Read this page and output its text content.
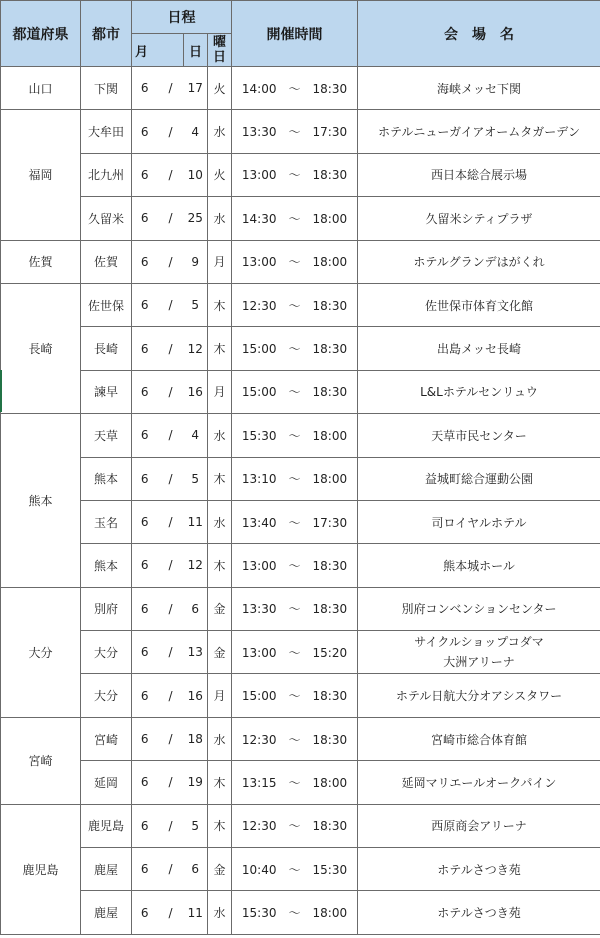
都道府県	都市	日程				開催時間	会　場　名
		月		日	曜日		
山口	下関	6	/	17	火	14:00 ～ 18:30	海峡メッセ下関
福岡	大牟田	6	/	4	水	13:30 ～ 17:30	ホテルニューガイアオームタガーデン
	北九州	6	/	10	火	13:00 ～ 18:30	西日本総合展示場
	久留米	6	/	25	水	14:30 ～ 18:00	久留米シティプラザ
佐賀	佐賀	6	/	9	月	13:00 ～ 18:00	ホテルグランデはがくれ
長崎	佐世保	6	/	5	木	12:30 ～ 18:30	佐世保市体育文化館
	長崎	6	/	12	木	15:00 ～ 18:30	出島メッセ長崎
	諫早	6	/	16	月	15:00 ～ 18:30	L&Lホテルセンリュウ
熊本	天草	6	/	4	水	15:30 ～ 18:00	天草市民センター
	熊本	6	/	5	木	13:10 ～ 18:00	益城町総合運動公園
	玉名	6	/	11	水	13:40 ～ 17:30	司ロイヤルホテル
	熊本	6	/	12	木	13:00 ～ 18:30	熊本城ホール
大分	別府	6	/	6	金	13:30 ～ 18:30	別府コンベンションセンター
	大分	6	/	13	金	13:00 ～ 15:20	サイクルショップコダマ
大洲アリーナ
	大分	6	/	16	月	15:00 ～ 18:30	ホテル日航大分オアシスタワー
宮崎	宮崎	6	/	18	水	12:30 ～ 18:30	宮崎市総合体育館
	延岡	6	/	19	木	13:15 ～ 18:00	延岡マリエールオークパイン
鹿児島	鹿児島	6	/	5	木	12:30 ～ 18:30	西原商会アリーナ
	鹿屋	6	/	6	金	10:40 ～ 15:30	ホテルさつき苑
	鹿屋	6	/	11	水	15:30 ～ 18:00	ホテルさつき苑
